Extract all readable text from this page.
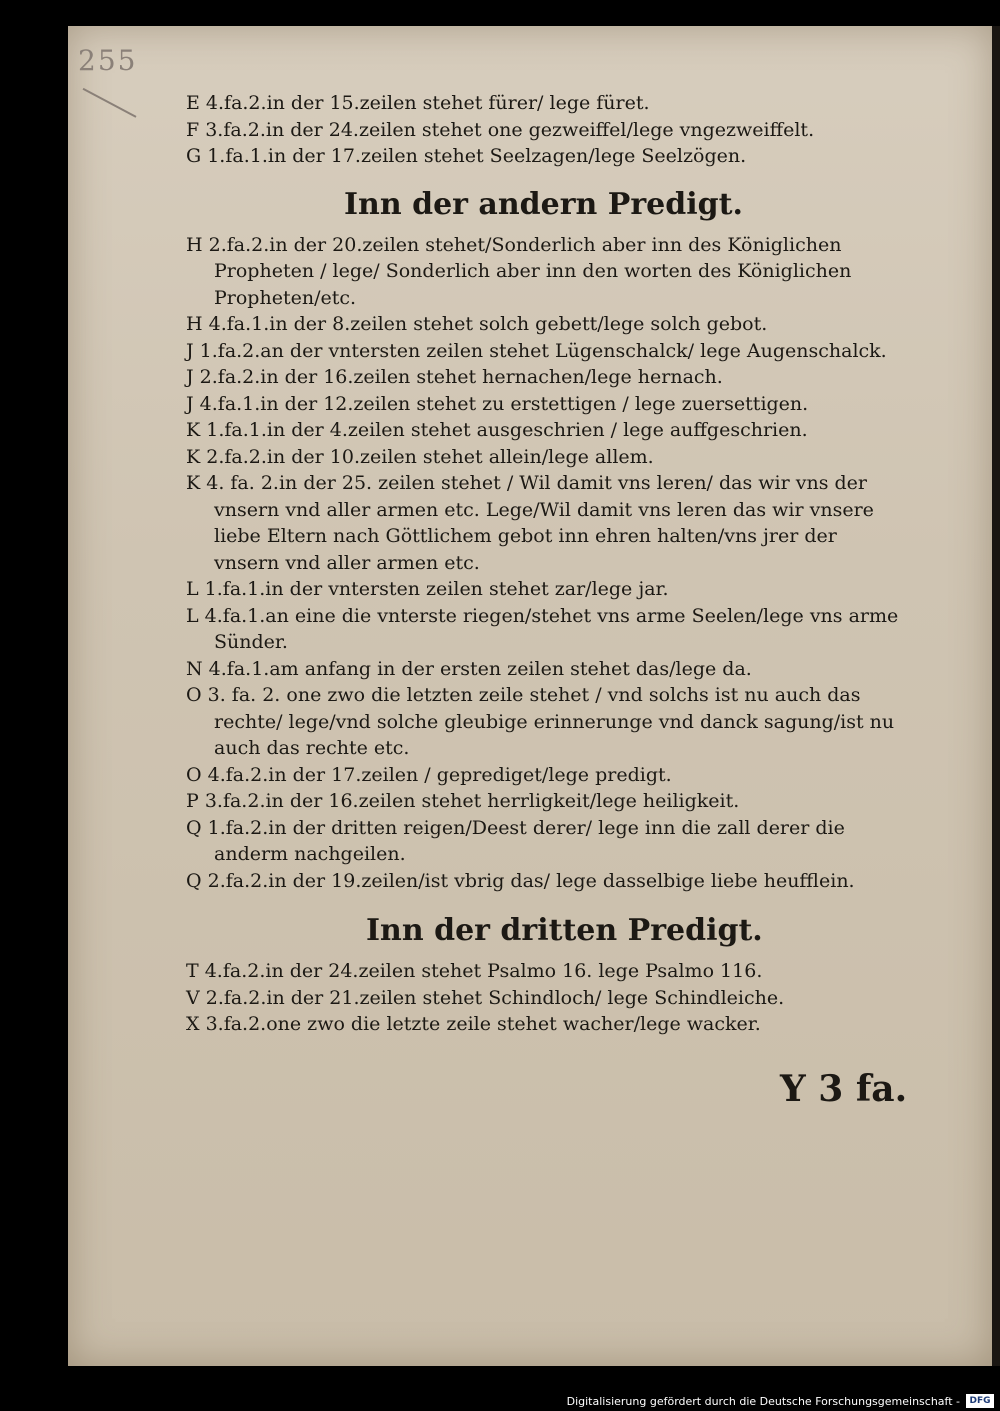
255
E 4.fa.2.in der 15.zeilen stehet fürer/ lege füret.
F 3.fa.2.in der 24.zeilen stehet one gezweiffel/lege vngezweiffelt.
G 1.fa.1.in der 17.zeilen stehet Seelzagen/lege Seelzögen.
Inn der andern Predigt.
H 2.fa.2.in der 20.zeilen stehet/Sonderlich aber inn des Königlichen Propheten / lege/ Sonderlich aber inn den worten des Königlichen Propheten/etc.
H 4.fa.1.in der 8.zeilen stehet solch gebett/lege solch gebot.
J 1.fa.2.an der vntersten zeilen stehet Lügenschalck/ lege Augenschalck.
J 2.fa.2.in der 16.zeilen stehet hernachen/lege hernach.
J 4.fa.1.in der 12.zeilen stehet zu erstettigen / lege zuersettigen.
K 1.fa.1.in der 4.zeilen stehet ausgeschrien / lege auffgeschrien.
K 2.fa.2.in der 10.zeilen stehet allein/lege allem.
K 4. fa. 2.in der 25. zeilen stehet / Wil damit vns leren/ das wir vns der vnsern vnd aller armen etc. Lege/Wil damit vns leren das wir vnsere liebe Eltern nach Göttlichem gebot inn ehren halten/vns jrer der vnsern vnd aller armen etc.
L 1.fa.1.in der vntersten zeilen stehet zar/lege jar.
L 4.fa.1.an eine die vnterste riegen/stehet vns arme Seelen/lege vns arme Sünder.
N 4.fa.1.am anfang in der ersten zeilen stehet das/lege da.
O 3. fa. 2. one zwo die letzten zeile stehet / vnd solchs ist nu auch das rechte/ lege/vnd solche gleubige erinnerunge vnd danck sagung/ist nu auch das rechte etc.
O 4.fa.2.in der 17.zeilen / geprediget/lege predigt.
P 3.fa.2.in der 16.zeilen stehet herrligkeit/lege heiligkeit.
Q 1.fa.2.in der dritten reigen/Deest derer/ lege inn die zall derer die anderm nachgeilen.
Q 2.fa.2.in der 19.zeilen/ist vbrig das/ lege dasselbige liebe heufflein.
Inn der dritten Predigt.
T 4.fa.2.in der 24.zeilen stehet Psalmo 16. lege Psalmo 116.
V 2.fa.2.in der 21.zeilen stehet Schindloch/ lege Schindleiche.
X 3.fa.2.one zwo die letzte zeile stehet wacher/lege wacker.
Y 3 fa.
Digitalisierung gefördert durch die Deutsche Forschungsgemeinschaft -	DFG
